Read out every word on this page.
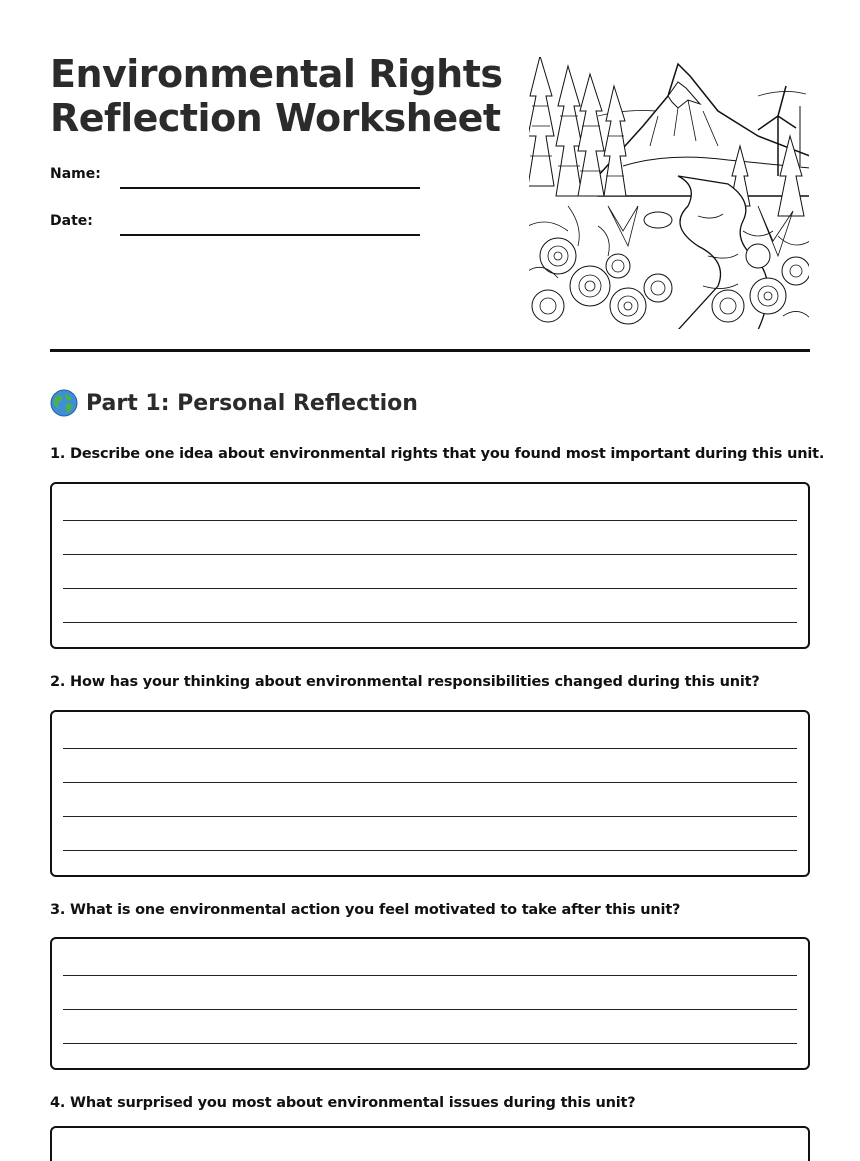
Environmental Rights
Reflection Worksheet
Name:
Date:
Part 1: Personal Reflection
1. Describe one idea about environmental rights that you found most important during this unit.
2. How has your thinking about environmental responsibilities changed during this unit?
3. What is one environmental action you feel motivated to take after this unit?
4. What surprised you most about environmental issues during this unit?
